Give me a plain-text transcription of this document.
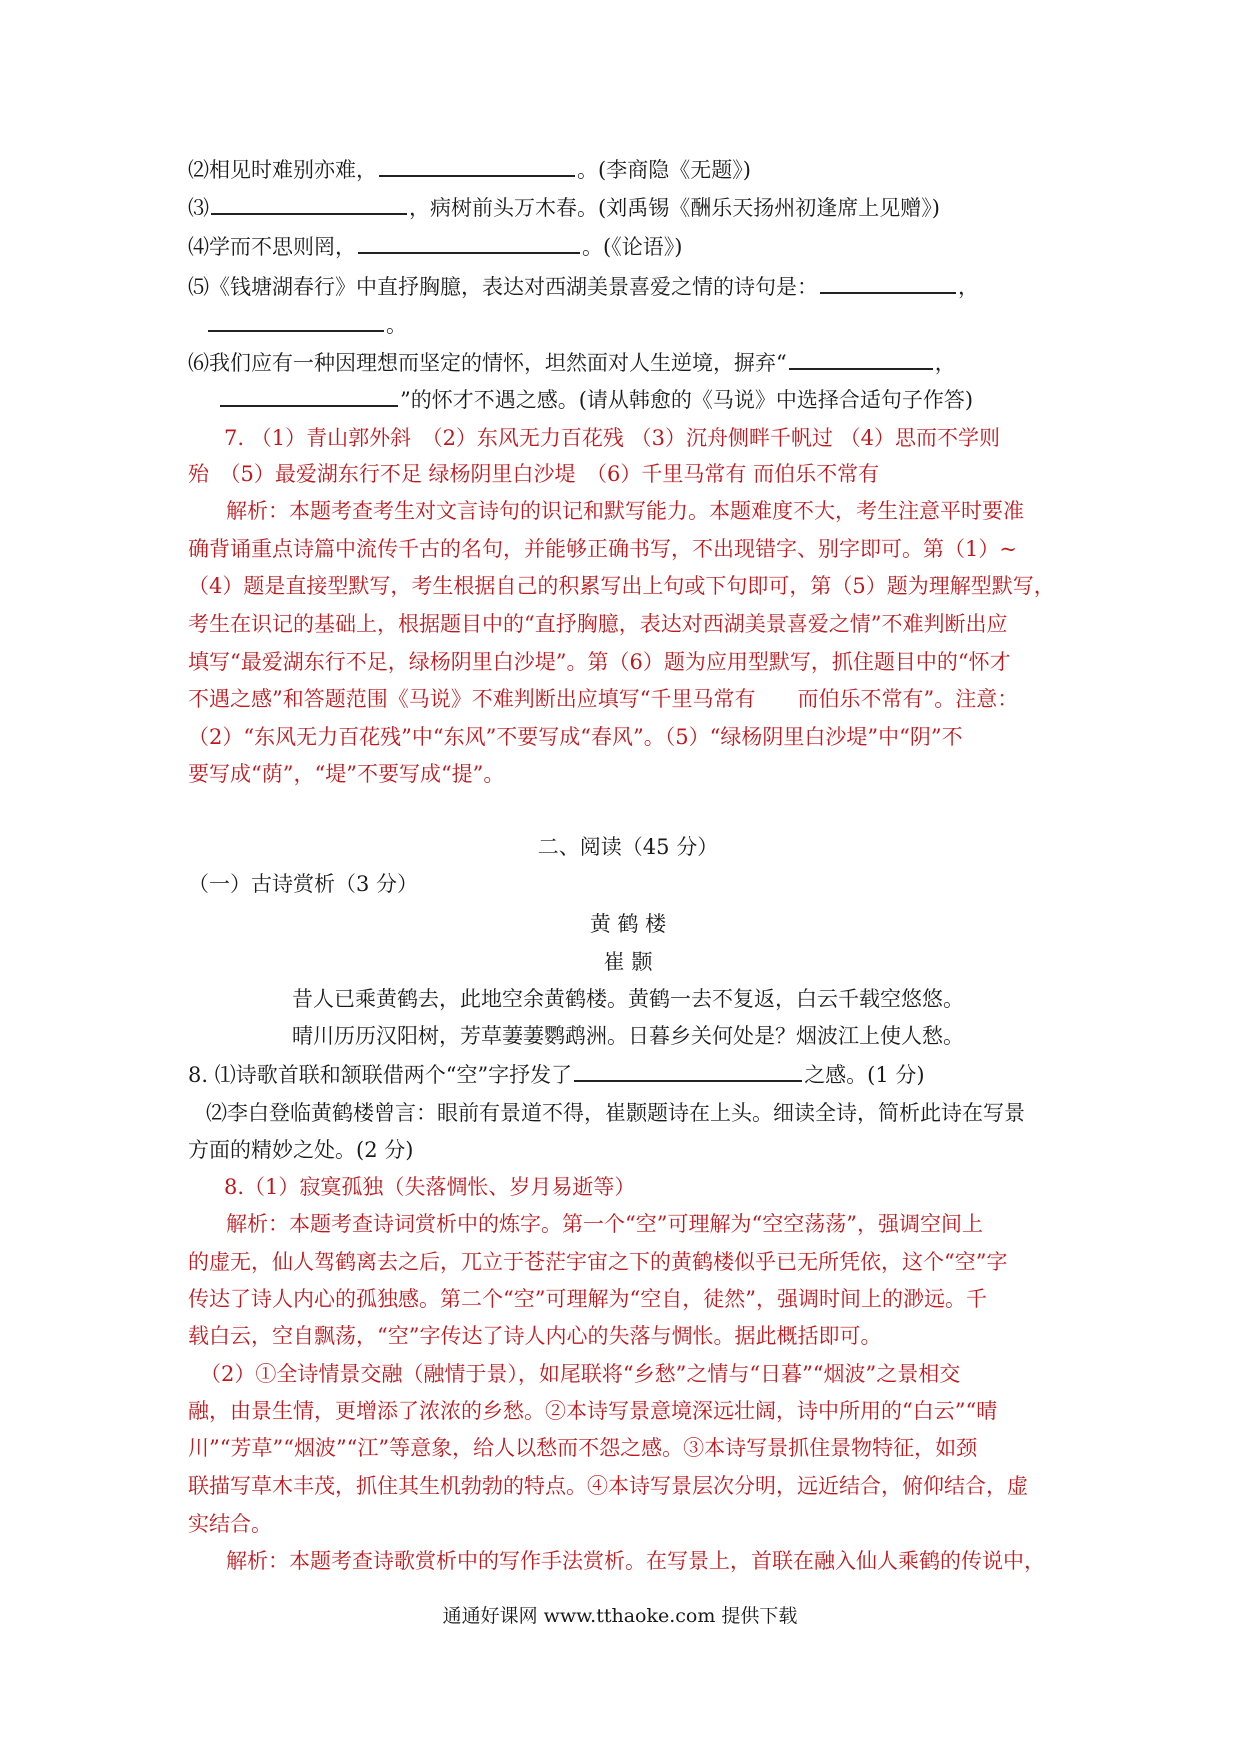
⑵相见时难别亦难，	。(李商隐《无题》)
⑶	，病树前头万木春。(刘禹锡《酬乐天扬州初逢席上见赠》)
⑷学而不思则罔，	。(《论语》)
⑸《钱塘湖春行》中直抒胸臆，表达对西湖美景喜爱之情的诗句是：	，
。
⑹我们应有一种因理想而坚定的情怀，坦然面对人生逆境，摒弃“	，
”的怀才不遇之感。(请从韩愈的《马说》中选择合适句子作答)
7. （1）青山郭外斜　（2）东风无力百花残 （3）沉舟侧畔千帆过 （4）思而不学则
殆　（5）最爱湖东行不足 绿杨阴里白沙堤　（6）千里马常有 而伯乐不常有
解析：本题考查考生对文言诗句的识记和默写能力。本题难度不大，考生注意平时要准
确背诵重点诗篇中流传千古的名句，并能够正确书写，不出现错字、别字即可。第（1）~
（4）题是直接型默写，考生根据自己的积累写出上句或下句即可，第（5）题为理解型默写，
考生在识记的基础上，根据题目中的“直抒胸臆，表达对西湖美景喜爱之情”不难判断出应
填写“最爱湖东行不足，绿杨阴里白沙堤”。第（6）题为应用型默写，抓住题目中的“怀才
不遇之感”和答题范围《马说》不难判断出应填写“千里马常有　　而伯乐不常有”。注意：
（2）“东风无力百花残”中“东风”不要写成“春风”。（5）“绿杨阴里白沙堤”中“阴”不
要写成“荫”，“堤”不要写成“提”。
二、阅读（45 分）
（一）古诗赏析（3 分）
黄 鹤 楼
崔 颢
昔人已乘黄鹤去，此地空余黄鹤楼。黄鹤一去不复返，白云千载空悠悠。
晴川历历汉阳树，芳草萋萋鹦鹉洲。日暮乡关何处是？烟波江上使人愁。
8. ⑴诗歌首联和颔联借两个“空”字抒发了	之感。(1 分)
⑵李白登临黄鹤楼曾言：眼前有景道不得，崔颢题诗在上头。细读全诗，简析此诗在写景
方面的精妙之处。(2 分)
8.（1）寂寞孤独（失落惆怅、岁月易逝等）
解析：本题考查诗词赏析中的炼字。第一个“空”可理解为“空空荡荡”，强调空间上
的虚无，仙人驾鹤离去之后，兀立于苍茫宇宙之下的黄鹤楼似乎已无所凭依，这个“空”字
传达了诗人内心的孤独感。第二个“空”可理解为“空自，徒然”，强调时间上的渺远。千
载白云，空自飘荡，“空”字传达了诗人内心的失落与惆怅。据此概括即可。
（2）①全诗情景交融（融情于景），如尾联将“乡愁”之情与“日暮”“烟波”之景相交
融，由景生情，更增添了浓浓的乡愁。②本诗写景意境深远壮阔，诗中所用的“白云”“晴
川”“芳草”“烟波”“江”等意象，给人以愁而不怨之感。③本诗写景抓住景物特征，如颈
联描写草木丰茂，抓住其生机勃勃的特点。④本诗写景层次分明，远近结合，俯仰结合，虚
实结合。
解析：本题考查诗歌赏析中的写作手法赏析。在写景上，首联在融入仙人乘鹤的传说中，
通通好课网 www.tthaoke.com 提供下载
